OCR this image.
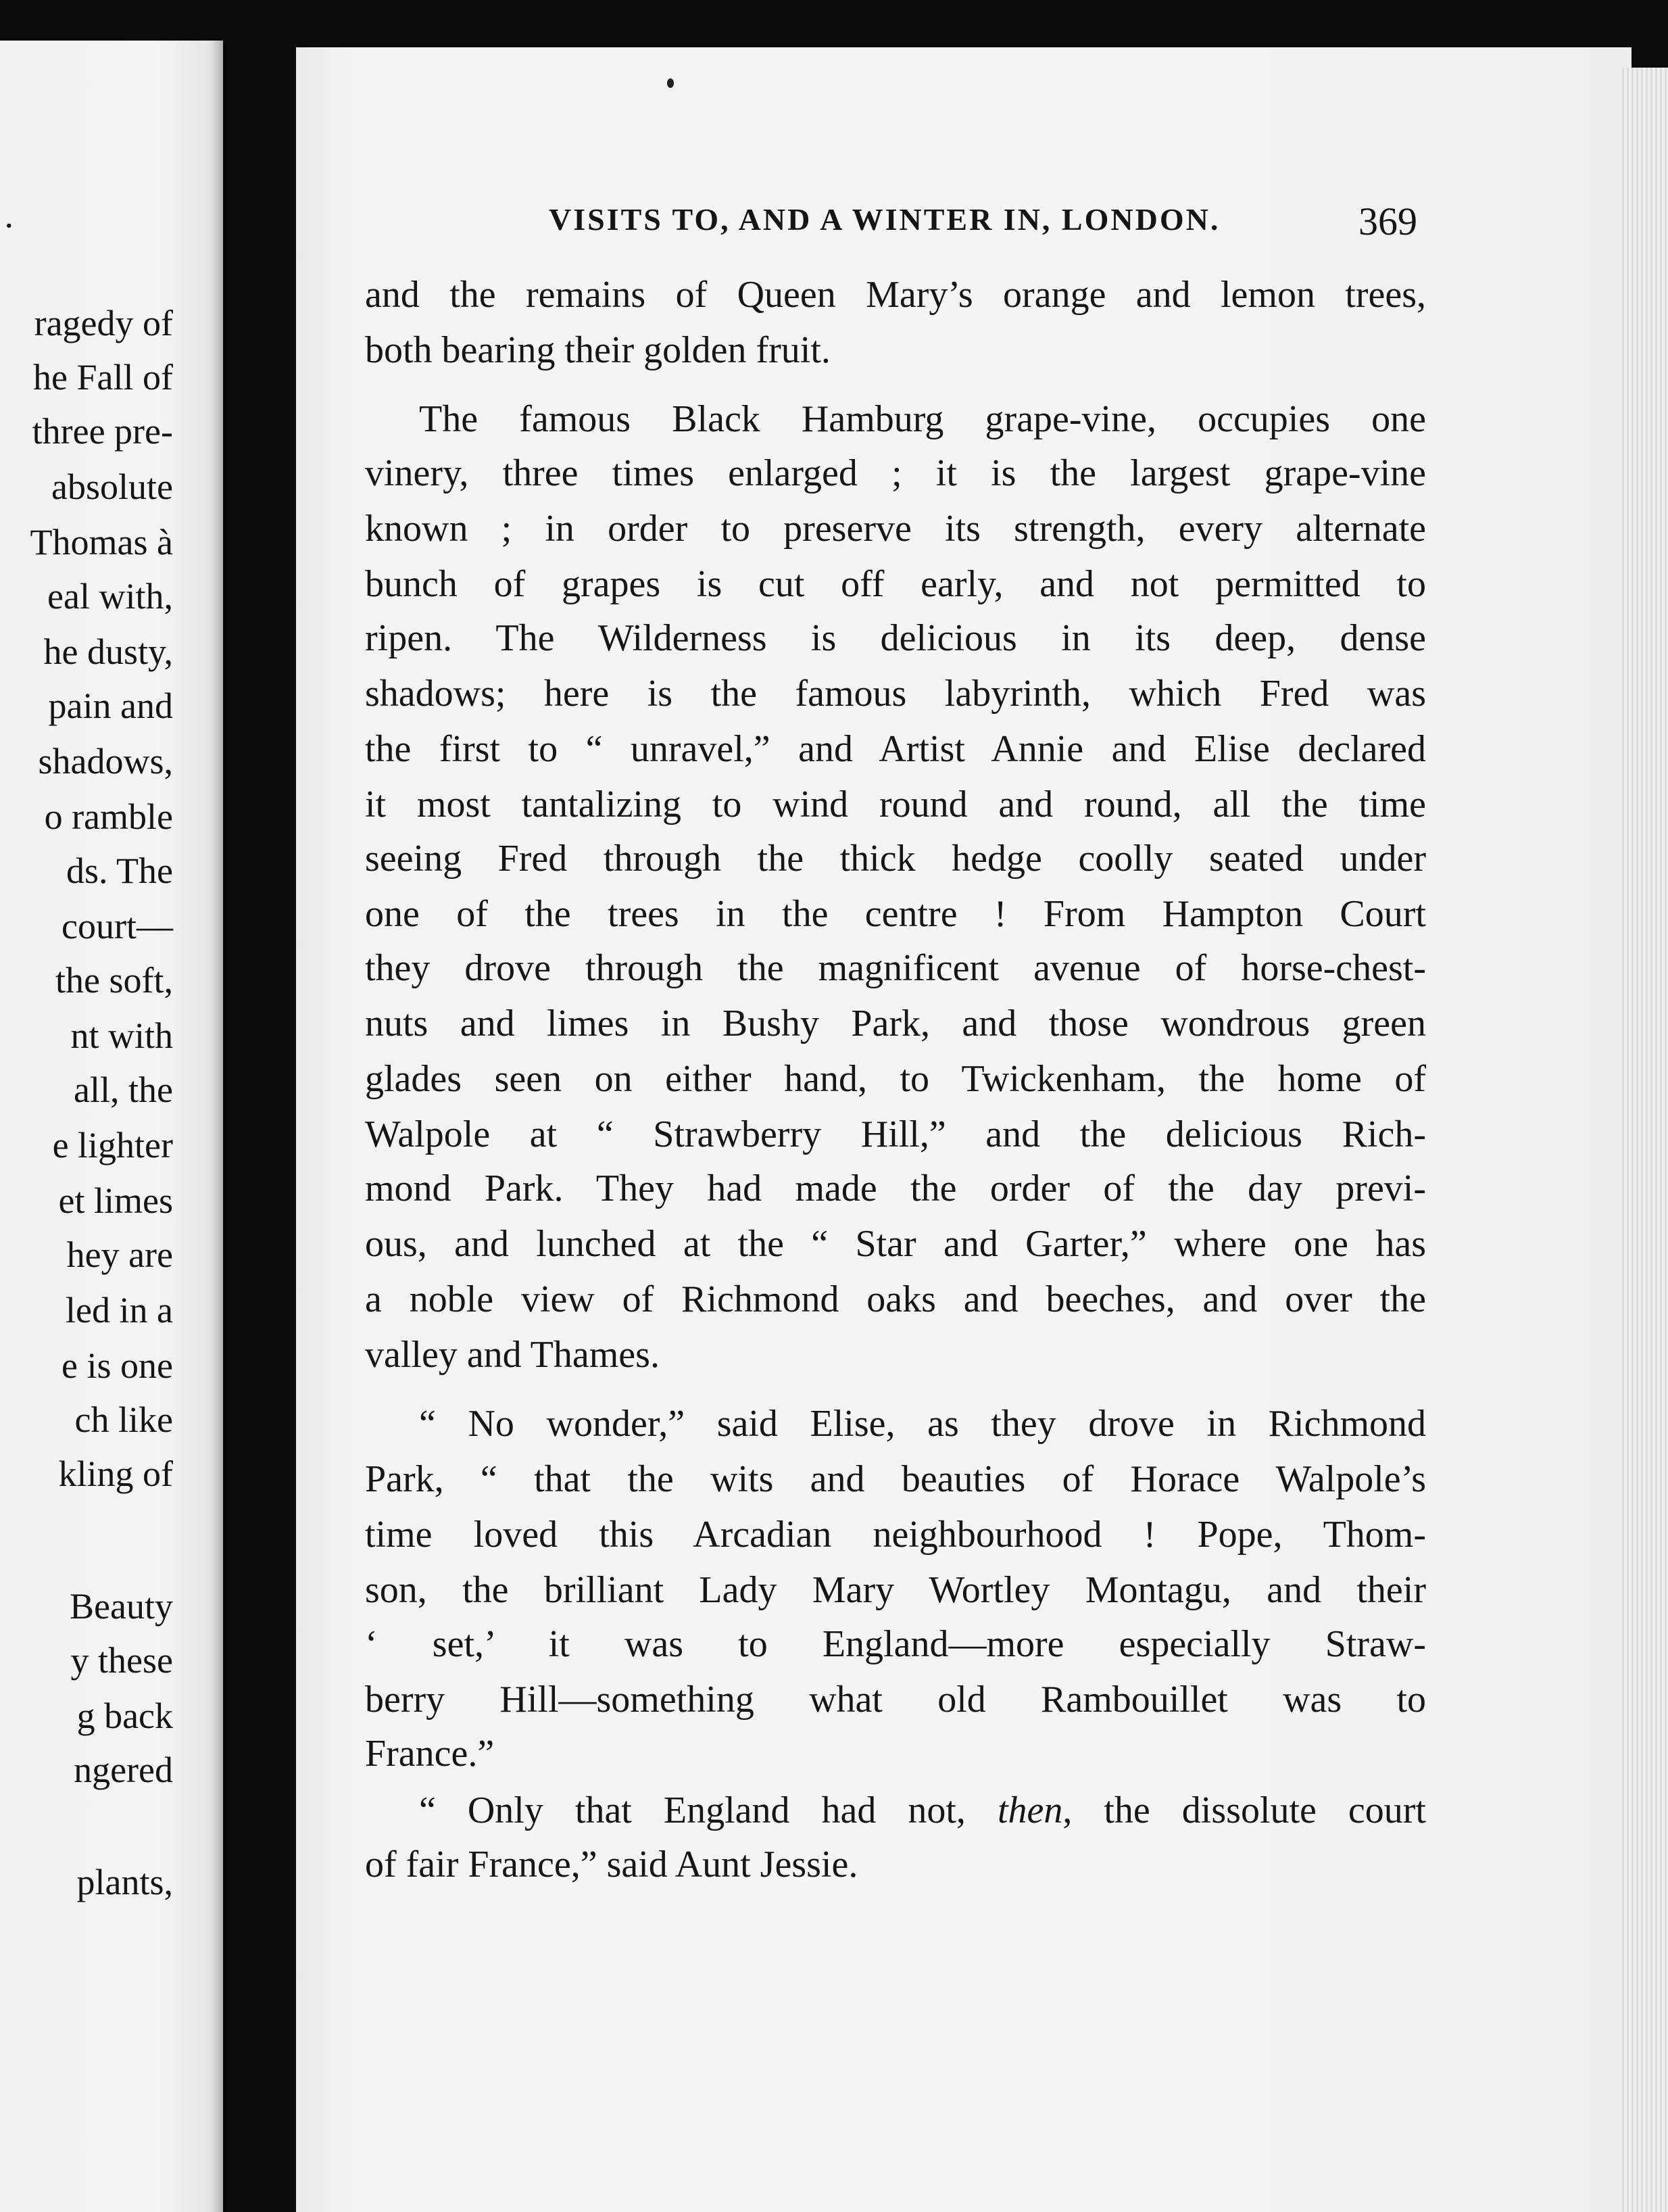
.
ragedy of
he Fall of
three pre-
absolute
Thomas à
eal with,
he dusty,
pain and
shadows,
o ramble
ds. The
court—
the soft,
nt with
all, the
e lighter
et limes
hey are
led in a
e is one
ch like
kling of
Beauty
y these
g back
ngered
plants,
VISITS TO, AND A WINTER IN, LONDON.	369
and the remains of Queen Mary’s orange and lemon trees,
both bearing their golden fruit.
The famous Black Hamburg grape-vine, occupies one
vinery, three times enlarged ; it is the largest grape-vine
known ; in order to preserve its strength, every alternate
bunch of grapes is cut off early, and not permitted to
ripen. The Wilderness is delicious in its deep, dense
shadows; here is the famous labyrinth, which Fred was
the first to “ unravel,” and Artist Annie and Elise declared
it most tantalizing to wind round and round, all the time
seeing Fred through the thick hedge coolly seated under
one of the trees in the centre ! From Hampton Court
they drove through the magnificent avenue of horse-chest-
nuts and limes in Bushy Park, and those wondrous green
glades seen on either hand, to Twickenham, the home of
Walpole at “ Strawberry Hill,” and the delicious Rich-
mond Park. They had made the order of the day previ-
ous, and lunched at the “ Star and Garter,” where one has
a noble view of Richmond oaks and beeches, and over the
valley and Thames.
“ No wonder,” said Elise, as they drove in Richmond
Park, “ that the wits and beauties of Horace Walpole’s
time loved this Arcadian neighbourhood ! Pope, Thom-
son, the brilliant Lady Mary Wortley Montagu, and their
‘ set,’ it was to England—more especially Straw-
berry Hill—something what old Rambouillet was to
France.”
“ Only that England had not, then, the dissolute court
of fair France,” said Aunt Jessie.
